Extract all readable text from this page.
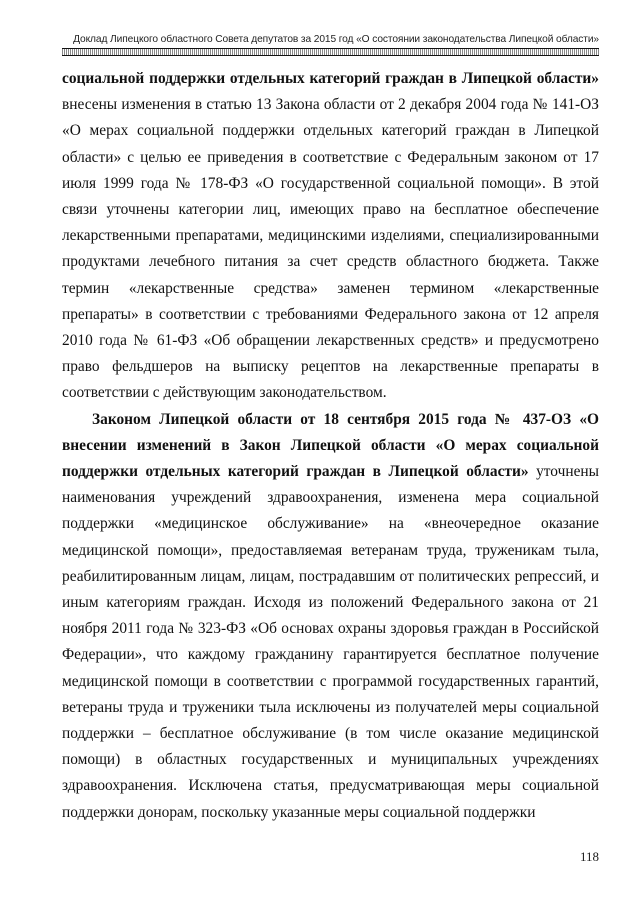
Доклад Липецкого областного Совета депутатов за 2015 год «О состоянии законодательства Липецкой области»

социальной поддержки отдельных категорий граждан в Липецкой области» внесены изменения в статью 13 Закона области от 2 декабря 2004 года № 141-ОЗ «О мерах социальной поддержки отдельных категорий граждан в Липецкой области» с целью ее приведения в соответствие с Федеральным законом от 17 июля 1999 года № 178-ФЗ «О государственной социальной помощи». В этой связи уточнены категории лиц, имеющих право на бесплатное обеспечение лекарственными препаратами, медицинскими изделиями, специализированными продуктами лечебного питания за счет средств областного бюджета. Также термин «лекарственные средства» заменен термином «лекарственные препараты» в соответствии с требованиями Федерального закона от 12 апреля 2010 года № 61-ФЗ «Об обращении лекарственных средств» и предусмотрено право фельдшеров на выписку рецептов на лекарственные препараты в соответствии с действующим законодательством.

Законом Липецкой области от 18 сентября 2015 года № 437-ОЗ «О внесении изменений в Закон Липецкой области «О мерах социальной поддержки отдельных категорий граждан в Липецкой области» уточнены наименования учреждений здравоохранения, изменена мера социальной поддержки «медицинское обслуживание» на «внеочередное оказание медицинской помощи», предоставляемая ветеранам труда, труженикам тыла, реабилитированным лицам, лицам, пострадавшим от политических репрессий, и иным категориям граждан. Исходя из положений Федерального закона от 21 ноября 2011 года № 323-ФЗ «Об основах охраны здоровья граждан в Российской Федерации», что каждому гражданину гарантируется бесплатное получение медицинской помощи в соответствии с программой государственных гарантий, ветераны труда и труженики тыла исключены из получателей меры социальной поддержки – бесплатное обслуживание (в том числе оказание медицинской помощи) в областных государственных и муниципальных учреждениях здравоохранения. Исключена статья, предусматривающая меры социальной поддержки донорам, поскольку указанные меры социальной поддержки

118
